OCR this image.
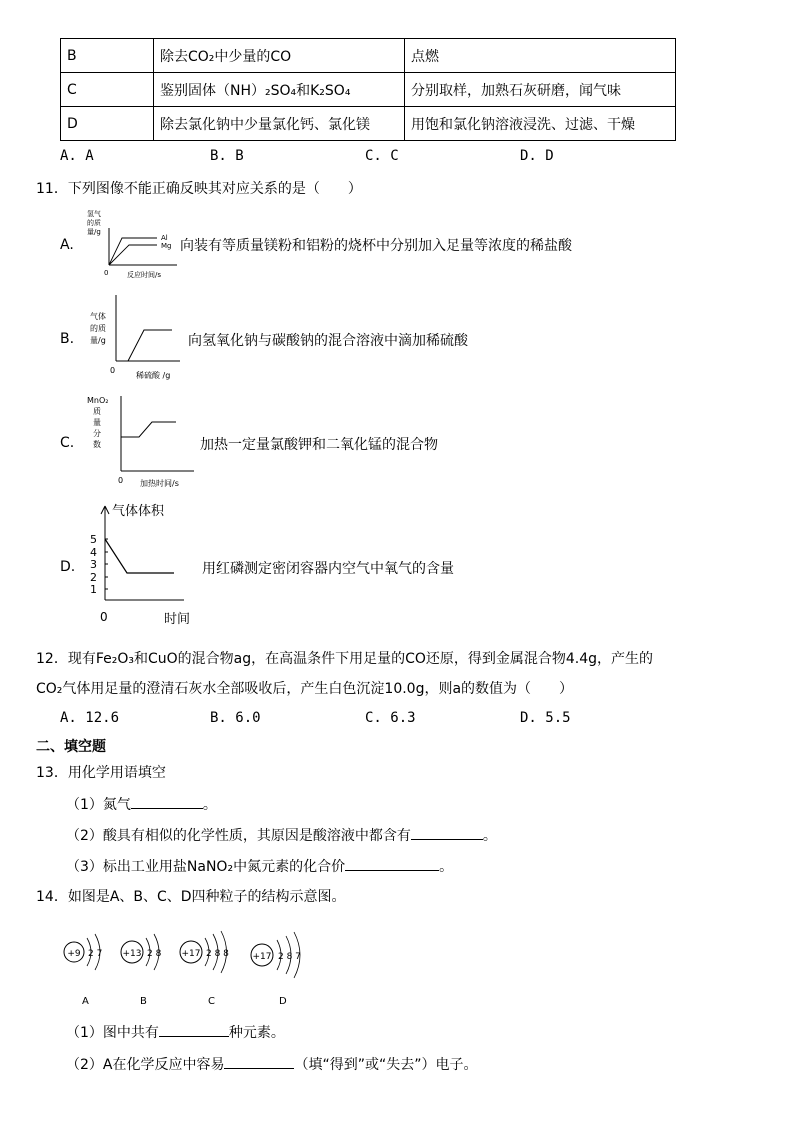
B	除去CO₂中少量的CO	点燃
C	鉴别固体（NH）₂SO₄和K₂SO₄	分别取样，加熟石灰研磨，闻气味
D	除去氯化钠中少量氯化钙、氯化镁	用饱和氯化钠溶液浸洗、过滤、干燥
A. A	B. B	C. C	D. D
11．下列图像不能正确反映其对应关系的是（　　）
A.
氢气
的质
量/g
Al
Mg
0	反应时间/s
向装有等质量镁粉和铝粉的烧杯中分别加入足量等浓度的稀盐酸
B.
气体
的质
量/g
0
稀硫酸 /g
向氢氧化钠与碳酸钠的混合溶液中滴加稀硫酸
C.
MnO₂
质
量
分
数
0 加热时间/s
加热一定量氯酸钾和二氧化锰的混合物
D.
气体体积
5
4
3
2
1
0	时间
用红磷测定密闭容器内空气中氧气的含量
12．现有Fe₂O₃和CuO的混合物ag，在高温条件下用足量的CO还原，得到金属混合物4.4g，产生的
CO₂气体用足量的澄清石灰水全部吸收后，产生白色沉淀10.0g，则a的数值为（　　）
A. 12.6	B. 6.0	C. 6.3	D. 5.5
二、填空题
13．用化学用语填空
（1）氮气	。
（2）酸具有相似的化学性质，其原因是酸溶液中都含有	。
（3）标出工业用盐NaNO₂中氮元素的化合价	。
14．如图是A、B、C、D四种粒子的结构示意图。
+9 2 7
A
+13 2 8
B
+17 2 8 8
C
+17 2 8 7
D
（1）图中共有	种元素。
（2）A在化学反应中容易	（填“得到”或“失去”）电子。
